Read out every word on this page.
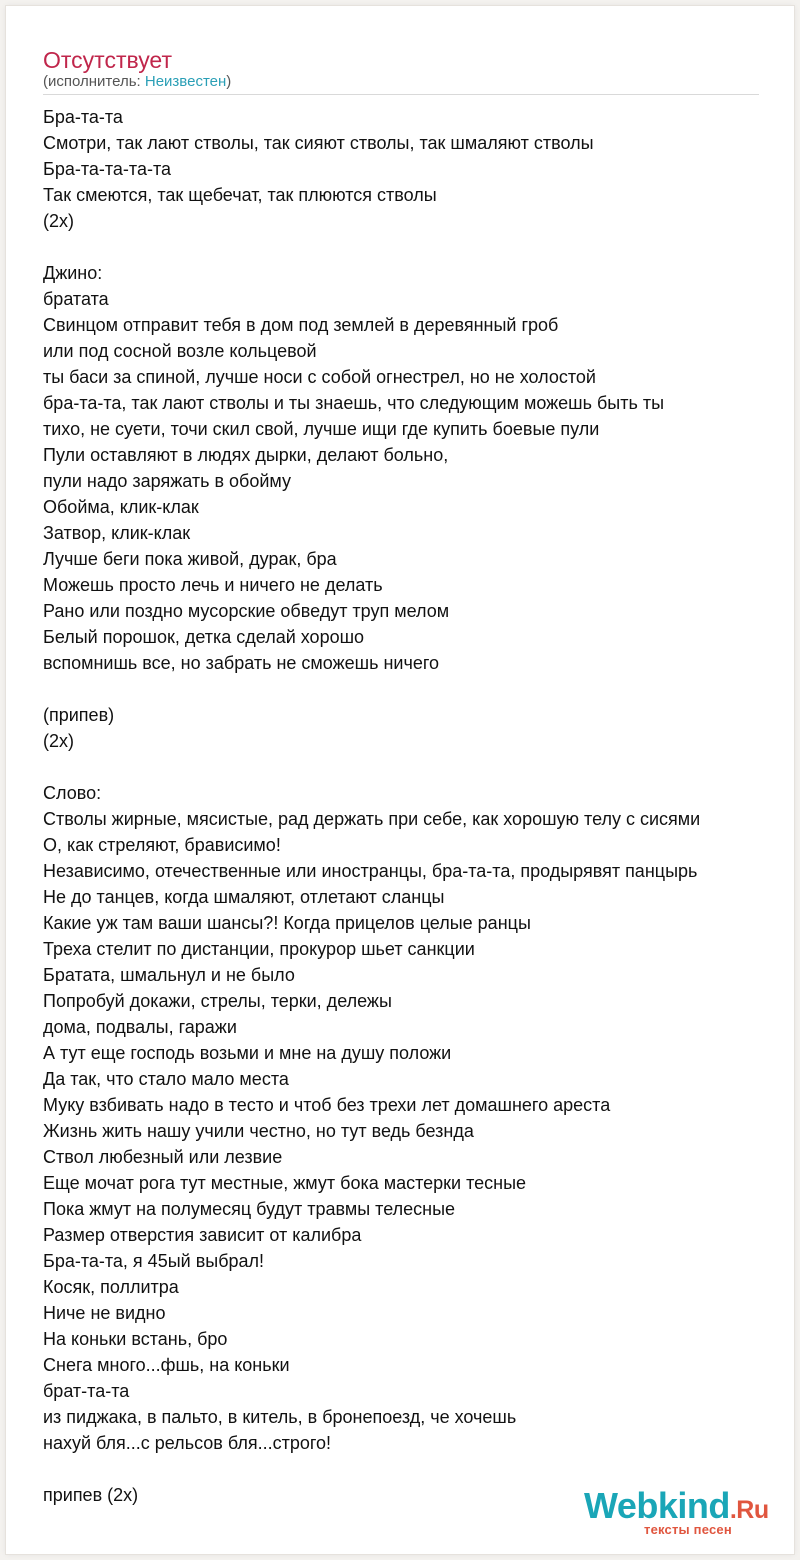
Отсутствует
(исполнитель: Неизвестен)
Бра-та-та
Смотри, так лают стволы, так сияют стволы, так шмаляют стволы
Бра-та-та-та-та
Так смеются, так щебечат, так плюются стволы
(2x)
Джино:
братата
Свинцом отправит тебя в дом под землей в деревянный гроб
или под сосной возле кольцевой
ты баси за спиной, лучше носи с собой огнестрел, но не холостой
бра-та-та, так лают стволы и ты знаешь, что следующим можешь быть ты
тихо, не суети, точи скил свой, лучше ищи где купить боевые пули
Пули оставляют в людях дырки, делают больно,
пули надо заряжать в обойму
Обойма, клик-клак
Затвор, клик-клак
Лучше беги пока живой, дурак, бра
Можешь просто лечь и ничего не делать
Рано или поздно мусорские обведут труп мелом
Белый порошок, детка сделай хорошо
вспомнишь все, но забрать не сможешь ничего
(припев)
(2x)
Слово:
Стволы жирные, мясистые, рад держать при себе, как хорошую телу с сисями
О, как стреляют, брависимо!
Независимо, отечественные или иностранцы, бра-та-та, продырявят панцырь
Не до танцев, когда шмаляют, отлетают сланцы
Какие уж там ваши шансы?! Когда прицелов целые ранцы
Треха стелит по дистанции, прокурор шьет санкции
Братата, шмальнул и не было
Попробуй докажи, стрелы, терки, дележы
дома, подвалы, гаражи
А тут еще господь возьми и мне на душу положи
Да так, что стало мало места
Муку взбивать надо в тесто и чтоб без трехи лет домашнего ареста
Жизнь жить нашу учили честно, но тут ведь безнда
Ствол любезный или лезвие
Еще мочат рога тут местные, жмут бока мастерки тесные
Пока жмут на полумесяц будут травмы телесные
Размер отверстия зависит от калибра
Бра-та-та, я 45ый выбрал!
Косяк, поллитра
Ниче не видно
На коньки встань, бро
Снега много...фшь, на коньки
брат-та-та
из пиджака, в пальто, в китель, в бронепоезд, че хочешь
нахуй бля...с рельсов бля...строго!
припев (2x)	Webkind.Ru
тексты песен
